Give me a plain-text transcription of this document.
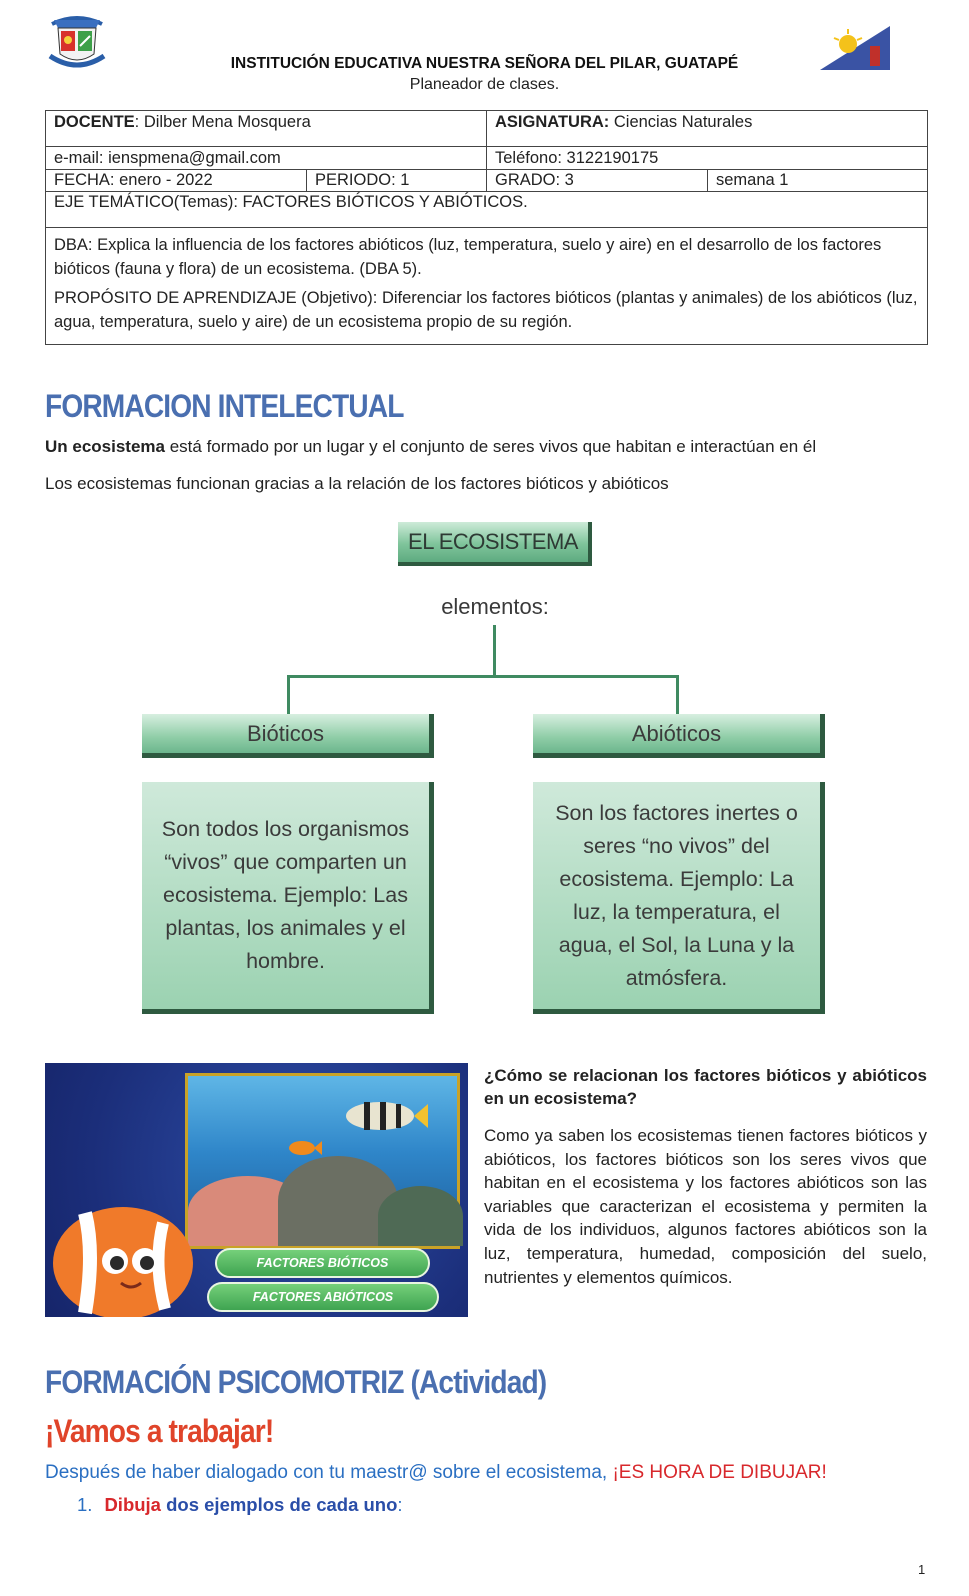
INSTITUCIÓN EDUCATIVA NUESTRA SEÑORA DEL PILAR, GUATAPÉ
Planeador de clases.
DOCENTE : Dilber Mena Mosquera	ASIGNATURA: Ciencias Naturales
e-mail: ienspmena@gmail.com	Teléfono: 3122190175
FECHA: enero - 2022	PERIODO: 1	GRADO: 3	semana 1
EJE TEMÁTICO(Temas): FACTORES BIÓTICOS Y ABIÓTICOS.
DBA: Explica la influencia de los factores abióticos (luz, temperatura, suelo y aire) en el desarrollo de los factores bióticos (fauna y flora) de un ecosistema. (DBA 5).
PROPÓSITO DE APRENDIZAJE (Objetivo): Diferenciar los factores bióticos (plantas y animales) de los abióticos (luz, agua, temperatura, suelo y aire) de un ecosistema propio de su región.
FORMACION INTELECTUAL
Un ecosistema está formado por un lugar y el conjunto de seres vivos que habitan e interactúan en él
Los ecosistemas funcionan gracias a la relación de los factores bióticos y abióticos
EL ECOSISTEMA
elementos:
Bióticos
Son todos los organismos “vivos” que comparten un ecosistema. Ejemplo: Las plantas, los animales y el hombre.
Abióticos
Son los factores inertes o seres “no vivos” del ecosistema. Ejemplo: La luz, la temperatura, el agua, el Sol, la Luna y la atmósfera.
FACTORES BIÓTICOS
FACTORES ABIÓTICOS
¿Cómo se relacionan los factores bióticos y abióticos en un ecosistema?
Como ya saben los ecosistemas tienen factores bióticos y abióticos, los factores bióticos son los seres vivos que habitan en el ecosistema y los factores abióticos son las variables que caracterizan el ecosistema y permiten la vida de los individuos, algunos factores abióticos son la luz, temperatura, humedad, composición del suelo, nutrientes y elementos químicos.
FORMACIÓN PSICOMOTRIZ (Actividad)
¡Vamos a trabajar!
Después de haber dialogado con tu maestr@ sobre el ecosistema, ¡ES HORA DE DIBUJAR!
1. Dibuja dos ejemplos de cada uno:
1
